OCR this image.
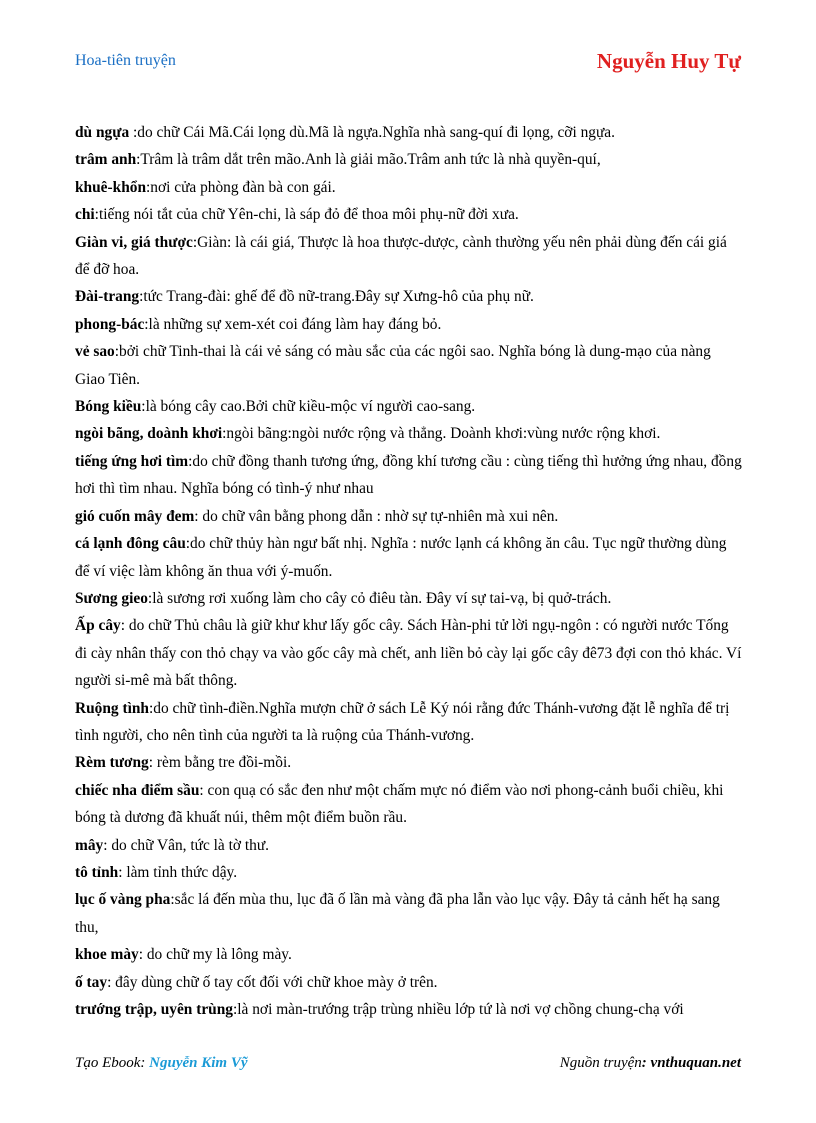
Hoa-tiên truyện	Nguyễn Huy Tự

dù ngựa :do chữ Cái Mã.Cái lọng dù.Mã là ngựa.Nghĩa nhà sang-quí đi lọng, cỡi ngựa.

trâm anh:Trâm là trâm dắt trên mão.Anh là giải mão.Trâm anh tức là nhà quyền-quí,

khuê-khổn:nơi cửa phòng đàn bà con gái.

chi:tiếng nói tắt của chữ Yên-chi, là sáp đỏ để thoa môi phụ-nữ đời xưa.

Giàn vi, giá thược:Giàn: là cái giá, Thược là hoa thược-dược, cành thường yếu nên phải dùng đến cái giá để đỡ hoa.

Đài-trang:tức Trang-đài: ghế để đồ nữ-trang.Đây sự Xưng-hô của phụ nữ.

phong-bác:là những sự xem-xét coi đáng làm hay đáng bỏ.

vẻ sao:bởi chữ Tinh-thai là cái vẻ sáng có màu sắc của các ngôi sao. Nghĩa bóng là dung-mạo của nàng Giao Tiên.

Bóng kiều:là bóng cây cao.Bởi chữ kiều-mộc ví người cao-sang.

ngòi bãng, doành khơi:ngòi bãng:ngòi nước rộng và thẳng. Doành khơi:vùng nước rộng khơi.

tiếng ứng hơi tìm:do chữ đồng thanh tương ứng, đồng khí tương cầu : cùng tiếng thì hưởng ứng nhau, đồng hơi thì tìm nhau. Nghĩa bóng có tình-ý như nhau

gió cuốn mây đem: do chữ vân bằng phong dẫn : nhờ sự tự-nhiên mà xui nên.

cá lạnh đông câu:do chữ thủy hàn ngư bất nhị. Nghĩa : nước lạnh cá không ăn câu. Tục ngữ thường dùng để ví việc làm không ăn thua với ý-muốn.

Sương gieo:là sương rơi xuống làm cho cây cỏ điêu tàn. Đây ví sự tai-vạ, bị quở-trách.

Ấp cây: do chữ Thủ châu là giữ khư khư lấy gốc cây. Sách Hàn-phi tử lời ngụ-ngôn : có người nước Tống đi cày nhân thấy con thỏ chạy va vào gốc cây mà chết, anh liền bỏ cày lại gốc cây đê73 đợi con thỏ khác. Ví người si-mê mà bất thông.

Ruộng tình:do chữ tình-điền.Nghĩa mượn chữ ở sách Lễ Ký nói rằng đức Thánh-vương đặt lễ nghĩa để trị tình người, cho nên tình của người ta là ruộng của Thánh-vương.

Rèm tương: rèm bằng tre đồi-mồi.

chiếc nha điểm sầu: con quạ có sắc đen như một chấm mực nó điểm vào nơi phong-cảnh buổi chiều, khi bóng tà dương đã khuất núi, thêm một điểm buồn rầu.

mây: do chữ Vân, tức là tờ thư.

tô tỉnh: làm tỉnh thức dậy.

lục ố vàng pha:sắc lá đến mùa thu, lục đã ố lần mà vàng đã pha lẫn vào lục vậy. Đây tả cảnh hết hạ sang thu,

khoe mày: do chữ my là lông mày.

ố tay: đây dùng chữ ố tay cốt đối với chữ khoe mày ở trên.

trướng trập, uyên trùng:là nơi màn-trướng trập trùng nhiều lớp tứ là nơi vợ chồng chung-chạ với

Tạo Ebook: Nguyễn Kim Vỹ	Nguồn truyện: vnthuquan.net
